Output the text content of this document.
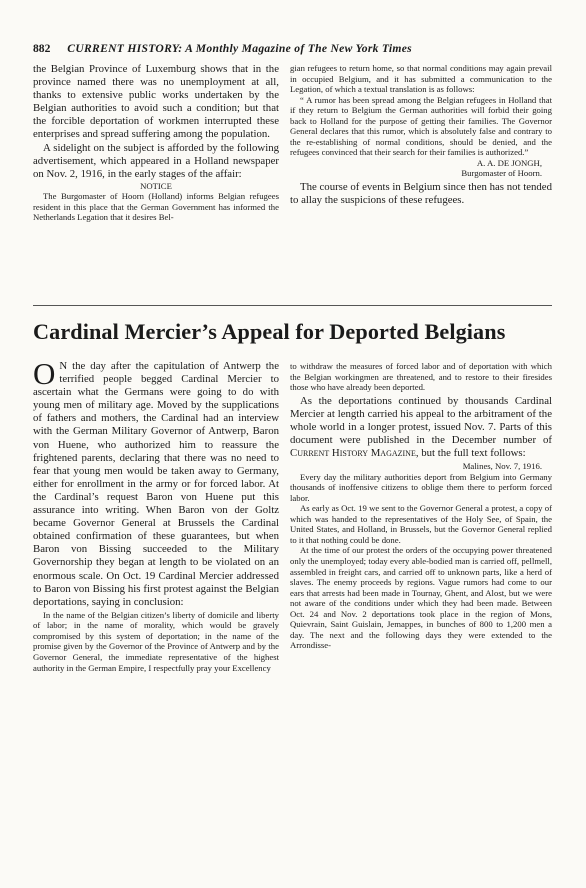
882 CURRENT HISTORY: A Monthly Magazine of The New York Times

the Belgian Province of Luxemburg shows that in the province named there was no unemployment at all, thanks to extensive public works undertaken by the Belgian authorities to avoid such a condition; but that the forcible deportation of workmen interrupted these enterprises and spread suffering among the population.

A sidelight on the subject is afforded by the following advertisement, which appeared in a Holland newspaper on Nov. 2, 1916, in the early stages of the affair:

NOTICE

The Burgomaster of Hoorn (Holland) informs Belgian refugees resident in this place that the German Government has informed the Netherlands Legation that it desires Bel-

gian refugees to return home, so that normal conditions may again prevail in occupied Belgium, and it has submitted a communication to the Legation, of which a textual translation is as follows:

“ A rumor has been spread among the Belgian refugees in Holland that if they return to Belgium the German authorities will forbid their going back to Holland for the purpose of getting their families. The Governor General declares that this rumor, which is absolutely false and contrary to the re-establishing of normal conditions, should be denied, and the refugees convinced that their search for their families is authorized.”

A. A. DE JONGH,

Burgomaster of Hoorn.

The course of events in Belgium since then has not tended to allay the suspicions of these refugees.

Cardinal Mercier’s Appeal for Deported Belgians

O N the day after the capitulation of Antwerp the terrified people begged Cardinal Mercier to ascertain what the Germans were going to do with young men of military age. Moved by the supplications of fathers and mothers, the Cardinal had an interview with the German Military Governor of Antwerp, Baron von Huene, who authorized him to reassure the frightened parents, declaring that there was no need to fear that young men would be taken away to Germany, either for enrollment in the army or for forced labor. At the Cardinal’s request Baron von Huene put this assurance into writing. When Baron von der Goltz became Governor General at Brussels the Cardinal obtained confirmation of these guarantees, but when Baron von Bissing succeeded to the Military Governorship they began at length to be violated on an enormous scale. On Oct. 19 Cardinal Mercier addressed to Baron von Bissing his first protest against the Belgian deportations, saying in conclusion:

In the name of the Belgian citizen’s liberty of domicile and liberty of labor; in the name of morality, which would be gravely compromised by this system of deportation; in the name of the promise given by the Governor of the Province of Antwerp and by the Governor General, the immediate representative of the highest authority in the German Empire, I respectfully pray your Excellency

to withdraw the measures of forced labor and of deportation with which the Belgian workingmen are threatened, and to restore to their firesides those who have already been deported.

As the deportations continued by thousands Cardinal Mercier at length carried his appeal to the arbitrament of the whole world in a longer protest, issued Nov. 7. Parts of this document were published in the December number of Current History Magazine, but the full text follows:

Malines, Nov. 7, 1916.

Every day the military authorities deport from Belgium into Germany thousands of inoffensive citizens to oblige them there to perform forced labor.

As early as Oct. 19 we sent to the Governor General a protest, a copy of which was handed to the representatives of the Holy See, of Spain, the United States, and Holland, in Brussels, but the Governor General replied to it that nothing could be done.

At the time of our protest the orders of the occupying power threatened only the unemployed; today every able-bodied man is carried off, pellmell, assembled in freight cars, and carried off to unknown parts, like a herd of slaves. The enemy proceeds by regions. Vague rumors had come to our ears that arrests had been made in Tournay, Ghent, and Alost, but we were not aware of the conditions under which they had been made. Between Oct. 24 and Nov. 2 deportations took place in the region of Mons, Quievrain, Saint Guislain, Jemappes, in bunches of 800 to 1,200 men a day. The next and the following days they were extended to the Arrondisse-
